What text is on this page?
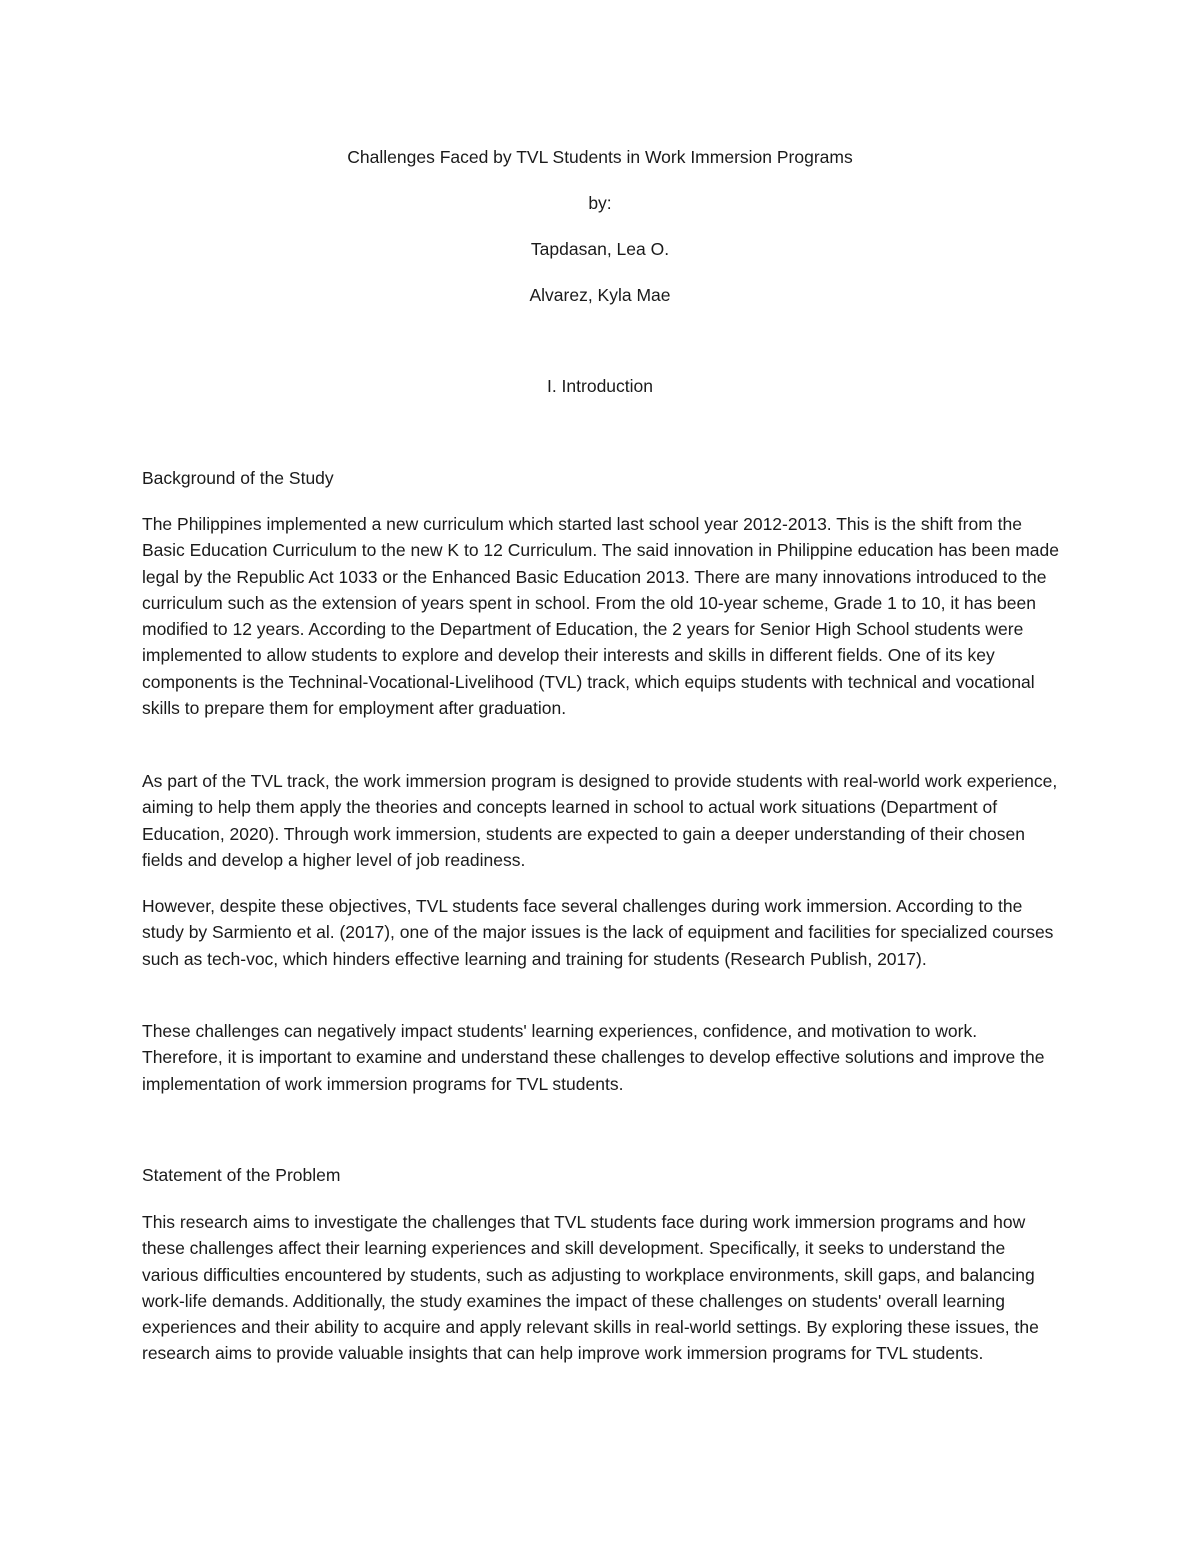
Challenges Faced by TVL Students in Work Immersion Programs
by:
Tapdasan, Lea O.
Alvarez, Kyla Mae
I. Introduction
Background of the Study

The Philippines implemented a new curriculum which started last school year 2012-2013. This is the shift from the Basic Education Curriculum to the new K to 12 Curriculum. The said innovation in Philippine education has been made legal by the Republic Act 1033 or the Enhanced Basic Education 2013. There are many innovations introduced to the curriculum such as the extension of years spent in school. From the old 10-year scheme, Grade 1 to 10, it has been modified to 12 years. According to the Department of Education, the 2 years for Senior High School students were implemented to allow students to explore and develop their interests and skills in different fields. One of its key components is the Techninal-Vocational-Livelihood (TVL) track, which equips students with technical and vocational skills to prepare them for employment after graduation.

As part of the TVL track, the work immersion program is designed to provide students with real-world work experience, aiming to help them apply the theories and concepts learned in school to actual work situations (Department of Education, 2020). Through work immersion, students are expected to gain a deeper understanding of their chosen fields and develop a higher level of job readiness.

However, despite these objectives, TVL students face several challenges during work immersion. According to the study by Sarmiento et al. (2017), one of the major issues is the lack of equipment and facilities for specialized courses such as tech-voc, which hinders effective learning and training for students (Research Publish, 2017).

These challenges can negatively impact students' learning experiences, confidence, and motivation to work. Therefore, it is important to examine and understand these challenges to develop effective solutions and improve the implementation of work immersion programs for TVL students.

Statement of the Problem

This research aims to investigate the challenges that TVL students face during work immersion programs and how these challenges affect their learning experiences and skill development. Specifically, it seeks to understand the various difficulties encountered by students, such as adjusting to workplace environments, skill gaps, and balancing work-life demands. Additionally, the study examines the impact of these challenges on students' overall learning experiences and their ability to acquire and apply relevant skills in real-world settings. By exploring these issues, the research aims to provide valuable insights that can help improve work immersion programs for TVL students.
